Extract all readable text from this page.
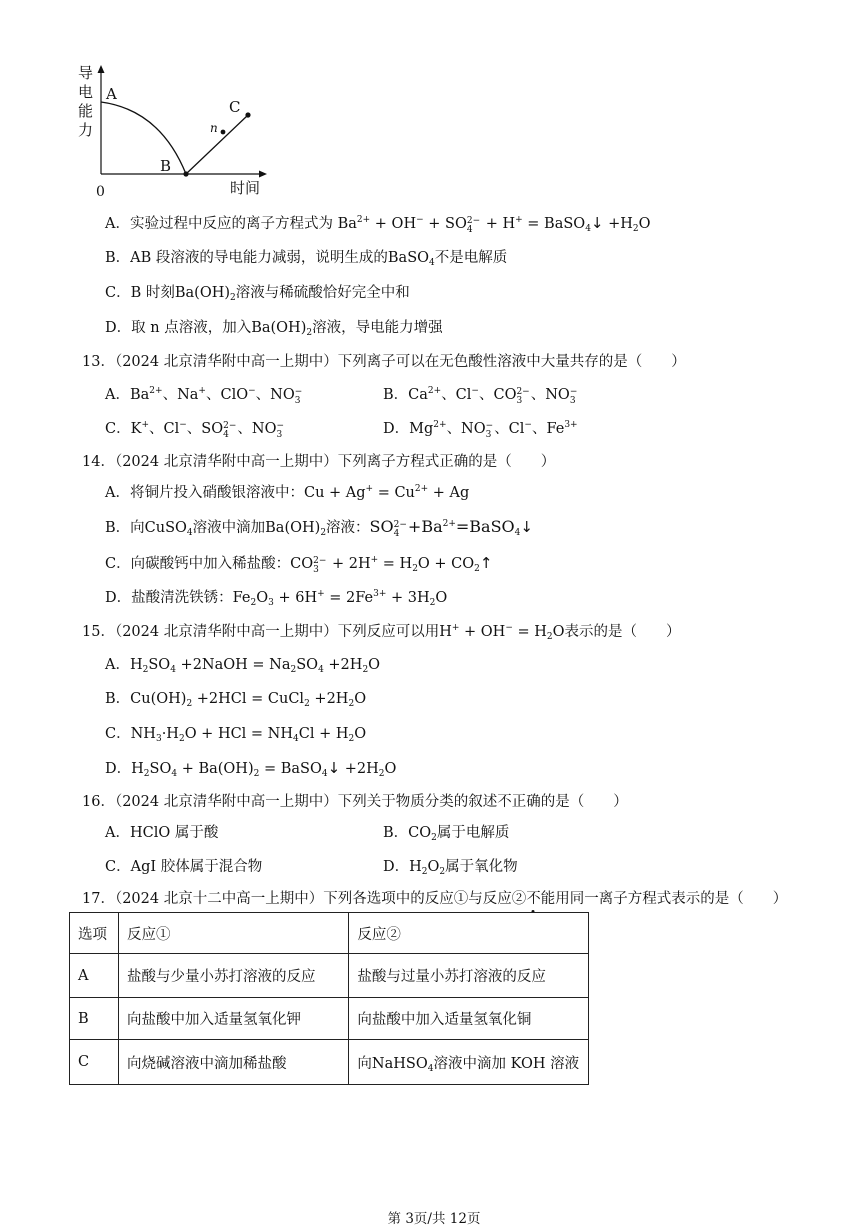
导
电
能
力
A
B
C
n
0	时间
A．实验过程中反应的离子方程式为 $Ba^{2+} + OH^-$ + SO 2−
4 + H+ = BaSO$_4$↓ $+H_2O$
B．AB 段溶液的导电能力减弱，说明生成的BaSO$_4$不是电解质
C．B 时刻$Ba(OH)_2$溶液与稀硫酸恰好完全中和
D．取 n 点溶液，加入$Ba(OH)_2$溶液，导电能力增强
13．（2024 北京清华附中高一上期中）下列离子可以在无色酸性溶液中大量共存的是（　　）
A．$Ba^{2+}$、Na+、ClO−、NO −
3	B．$Ca^{2+}$、Cl−、CO 2−
3 、NO −
3
C．K+、Cl−、SO 2−
4 、NO −
3	D．$Mg^{2+}$、NO −
3 、Cl−、$Fe^{3+}$
14．（2024 北京清华附中高一上期中）下列离子方程式正确的是（　　）
A．将铜片投入硝酸银溶液中：$Cu + Ag^+ = Cu^{2+} + Ag$
B．向CuSO$_4$溶液中滴加$Ba(OH)_2$溶液：SO 2−
$4 +Ba^{2+}=BaSO_4↓$
C．向碳酸钙中加入稀盐酸：CO 2−
$3 + 2H^+ = H_2O$ + $CO_2↑$
D．盐酸清洗铁锈：$Fe_2O_3 + 6H^+ = 2Fe^{3+} + 3H_2O$
15．（2024 北京清华附中高一上期中）下列反应可以用$H^+ + OH^- = H_2O$表示的是（　　）
A．$H_2SO_4$ +2NaOH = $Na_2SO_4 +2H_2O$
B．$Cu(OH)_2 +2HCl$ = CuCl$_2$ $+2H_2O$
C．$NH_3\cdot H_2O$ + HCl = $NH_4Cl + H_2O$
D．$H_2SO_4 + Ba(OH)_2$ = BaSO$_4$↓ $+2H_2O$
16．（2024 北京清华附中高一上期中）下列关于物质分类的叙述不正确的是（　　）
A．HClO 属于酸	B．$CO_2$属于电解质
C．AgI 胶体属于混合物	D．$H_2O_2$属于氧化物
17．（2024 北京十二中高一上期中）下列各选项中的反应①与反应②不能用同一离子方程式表示的是（　　）
选项	反应①	反应②
A	盐酸与少量小苏打溶液的反应	盐酸与过量小苏打溶液的反应
B	向盐酸中加入适量氢氧化钾	向盐酸中加入适量氢氧化铜
C	向烧碱溶液中滴加稀盐酸	向NaHSO$_4$溶液中滴加 KOH 溶液
第 3页/共 12页
